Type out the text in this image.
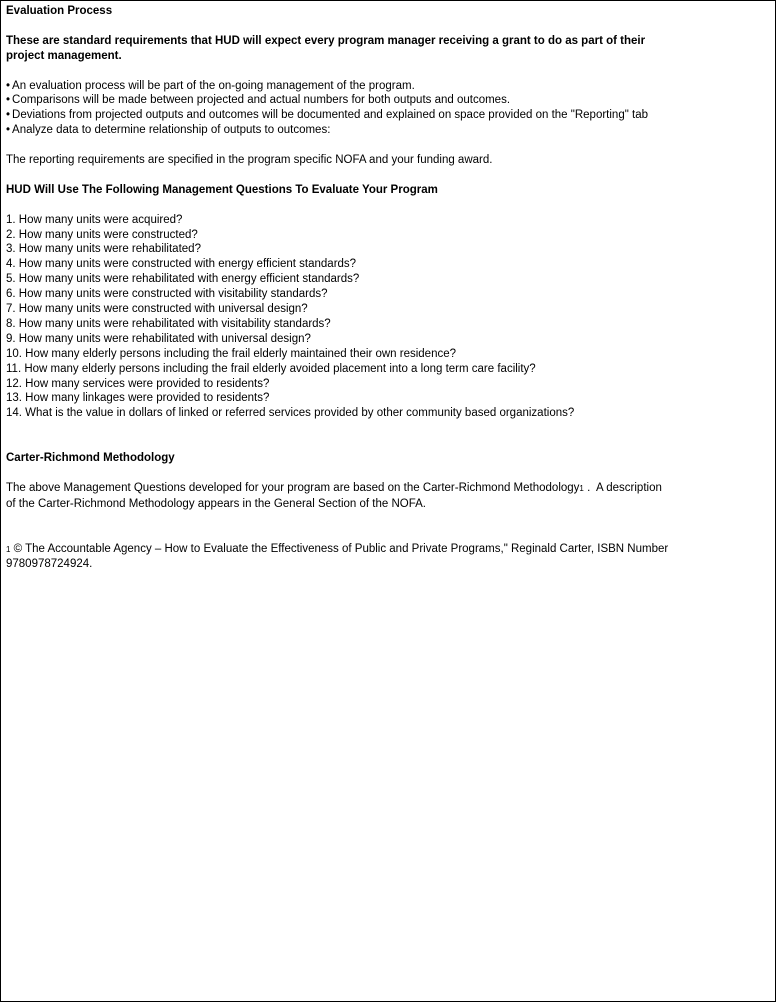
Evaluation Process
These are standard requirements that HUD will expect every program manager receiving a grant to do as part of their
project management.
• An evaluation process will be part of the on-going management of the program.
• Comparisons will be made between projected and actual numbers for both outputs and outcomes.
• Deviations from projected outputs and outcomes will be documented and explained on space provided on the "Reporting" tab
• Analyze data to determine relationship of outputs to outcomes:
The reporting requirements are specified in the program specific NOFA and your funding award.
HUD Will Use The Following Management Questions To Evaluate Your Program
1. How many units were acquired?
2. How many units were constructed?
3. How many units were rehabilitated?
4. How many units were constructed with energy efficient standards?
5. How many units were rehabilitated with energy efficient standards?
6. How many units were constructed with visitability standards?
7. How many units were constructed with universal design?
8. How many units were rehabilitated with visitability standards?
9. How many units were rehabilitated with universal design?
10. How many elderly persons including the frail elderly maintained their own residence?
11. How many elderly persons including the frail elderly avoided placement into a long term care facility?
12. How many services were provided to residents?
13. How many linkages were provided to residents?
14. What is the value in dollars of linked or referred services provided by other community based organizations?
Carter-Richmond Methodology
The above Management Questions developed for your program are based on the Carter-Richmond Methodology1 .  A description
of the Carter-Richmond Methodology appears in the General Section of the NOFA.
1 © The Accountable Agency – How to Evaluate the Effectiveness of Public and Private Programs," Reginald Carter, ISBN Number
9780978724924.
